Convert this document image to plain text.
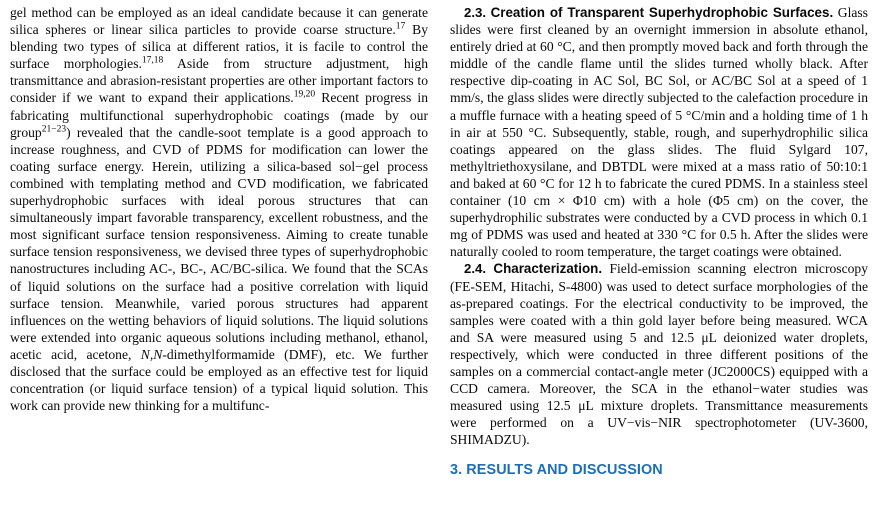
gel method can be employed as an ideal candidate because it can generate silica spheres or linear silica particles to provide coarse structure.$^{17}$ By blending two types of silica at different ratios, it is facile to control the surface morphologies.$^{17,18}$ Aside from structure adjustment, high transmittance and abrasion-resistant properties are other important factors to consider if we want to expand their applications.$^{19,20}$ Recent progress in fabricating multifunctional superhydrophobic coatings (made by our group$^{21-23}$) revealed that the candle-soot template is a good approach to increase roughness, and CVD of PDMS for modification can lower the coating surface energy. Herein, utilizing a silica-based sol−gel process combined with templating method and CVD modification, we fabricated superhydrophobic surfaces with ideal porous structures that can simultaneously impart favorable transparency, excellent robustness, and the most significant surface tension responsiveness. Aiming to create tunable surface tension responsiveness, we devised three types of superhydrophobic nanostructures including AC-, BC-, AC/BC-silica. We found that the SCAs of liquid solutions on the surface had a positive correlation with liquid surface tension. Meanwhile, varied porous structures had apparent influences on the wetting behaviors of liquid solutions. The liquid solutions were extended into organic aqueous solutions including methanol, ethanol, acetic acid, acetone, N,N-dimethylformamide (DMF), etc. We further disclosed that the surface could be employed as an effective test for liquid concentration (or liquid surface tension) of a typical liquid solution. This work can provide new thinking for a multifunc-

2.3. Creation of Transparent Superhydrophobic Surfaces. Glass slides were first cleaned by an overnight immersion in absolute ethanol, entirely dried at 60 °C, and then promptly moved back and forth through the middle of the candle flame until the slides turned wholly black. After respective dip-coating in AC Sol, BC Sol, or AC/BC Sol at a speed of 1 mm/s, the glass slides were directly subjected to the calefaction procedure in a muffle furnace with a heating speed of 5 °C/min and a holding time of 1 h in air at 550 °C. Subsequently, stable, rough, and superhydrophilic silica coatings appeared on the glass slides. The fluid Sylgard 107, methyltriethoxysilane, and DBTDL were mixed at a mass ratio of 50:10:1 and baked at 60 °C for 12 h to fabricate the cured PDMS. In a stainless steel container (10 cm × Φ10 cm) with a hole (Φ5 cm) on the cover, the superhydrophilic substrates were conducted by a CVD process in which 0.1 mg of PDMS was used and heated at 330 °C for 0.5 h. After the slides were naturally cooled to room temperature, the target coatings were obtained.

2.4. Characterization. Field-emission scanning electron microscopy (FE-SEM, Hitachi, S-4800) was used to detect surface morphologies of the as-prepared coatings. For the electrical conductivity to be improved, the samples were coated with a thin gold layer before being measured. WCA and SA were measured using 5 and 12.5 μL deionized water droplets, respectively, which were conducted in three different positions of the samples on a commercial contact-angle meter (JC2000CS) equipped with a CCD camera. Moreover, the SCA in the ethanol−water studies was measured using 12.5 μL mixture droplets. Transmittance measurements were performed on a UV−vis−NIR spectrophotometer (UV-3600, SHIMADZU).

3. RESULTS AND DISCUSSION
